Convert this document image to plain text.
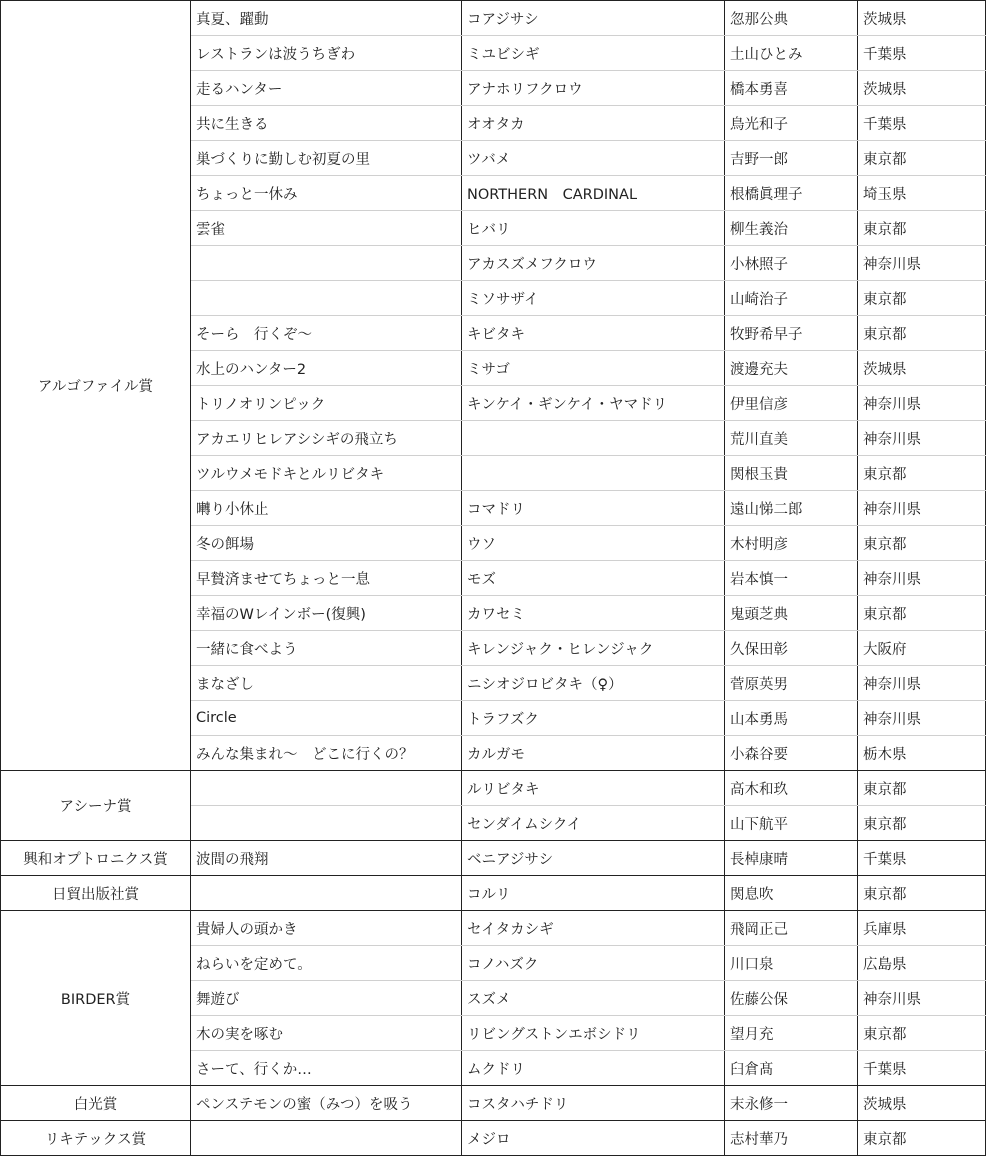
アルゴファイル賞	真夏、躍動	コアジサシ	忽那公典	茨城県
	レストランは波うちぎわ	ミユビシギ	土山ひとみ	千葉県
	走るハンター	アナホリフクロウ	橋本勇喜	茨城県
	共に生きる	オオタカ	鳥光和子	千葉県
	巣づくりに勤しむ初夏の里	ツバメ	吉野一郎	東京都
	ちょっと一休み	NORTHERN　CARDINAL	根橋眞理子	埼玉県
	雲雀	ヒバリ	柳生義治	東京都
		アカスズメフクロウ	小林照子	神奈川県
		ミソサザイ	山崎治子	東京都
	そーら　行くぞ～	キビタキ	牧野希早子	東京都
	水上のハンター2	ミサゴ	渡邊充夫	茨城県
	トリノオリンピック	キンケイ・ギンケイ・ヤマドリ	伊里信彦	神奈川県
	アカエリヒレアシシギの飛立ち		荒川直美	神奈川県
	ツルウメモドキとルリビタキ		関根玉貴	東京都
	囀り小休止	コマドリ	遠山悌二郎	神奈川県
	冬の餌場	ウソ	木村明彦	東京都
	早贄済ませてちょっと一息	モズ	岩本慎一	神奈川県
	幸福のWレインボー(復興)	カワセミ	鬼頭芝典	東京都
	一緒に食べよう	キレンジャク・ヒレンジャク	久保田彰	大阪府
	まなざし	ニシオジロビタキ（♀）	菅原英男	神奈川県
	Circle	トラフズク	山本勇馬	神奈川県
	みんな集まれ～　どこに行くの？	カルガモ	小森谷要	栃木県
アシーナ賞		ルリビタキ	高木和玖	東京都
		センダイムシクイ	山下航平	東京都
興和オプトロニクス賞	波間の飛翔	ベニアジサシ	長棹康晴	千葉県
日貿出版社賞		コルリ	関息吹	東京都
BIRDER賞	貴婦人の頭かき	セイタカシギ	飛岡正己	兵庫県
	ねらいを定めて。	コノハズク	川口泉	広島県
	舞遊び	スズメ	佐藤公保	神奈川県
	木の実を啄む	リビングストンエボシドリ	望月充	東京都
	さーて、行くか…	ムクドリ	臼倉髙	千葉県
白光賞	ペンステモンの蜜（みつ）を吸う	コスタハチドリ	末永修一	茨城県
リキテックス賞		メジロ	志村華乃	東京都
